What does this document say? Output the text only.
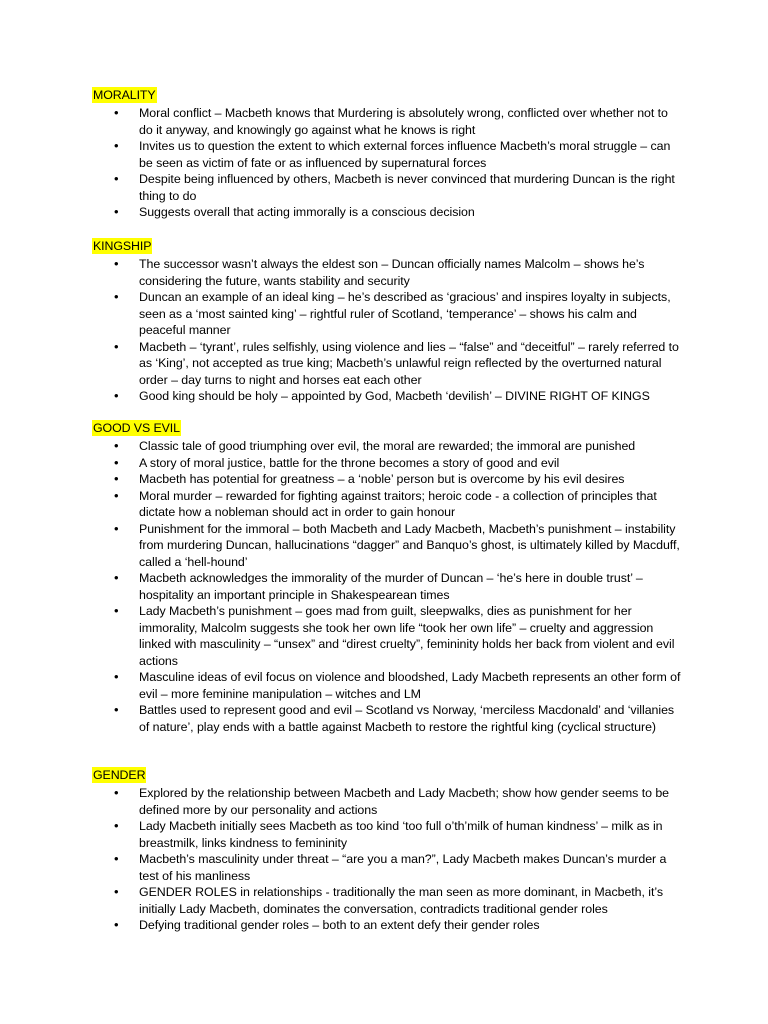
MORALITY
• Moral conflict – Macbeth knows that Murdering is absolutely wrong, conflicted over whether not to do it anyway, and knowingly go against what he knows is right
• Invites us to question the extent to which external forces influence Macbeth’s moral struggle – can be seen as victim of fate or as influenced by supernatural forces
• Despite being influenced by others, Macbeth is never convinced that murdering Duncan is the right thing to do
• Suggests overall that acting immorally is a conscious decision
KINGSHIP
• The successor wasn’t always the eldest son – Duncan officially names Malcolm – shows he’s considering the future, wants stability and security
• Duncan an example of an ideal king – he’s described as ‘gracious’ and inspires loyalty in subjects, seen as a ‘most sainted king’ – rightful ruler of Scotland, ‘temperance’ – shows his calm and peaceful manner
• Macbeth – ‘tyrant’, rules selfishly, using violence and lies – “false” and “deceitful” – rarely referred to as ‘King’, not accepted as true king; Macbeth’s unlawful reign reflected by the overturned natural order – day turns to night and horses eat each other
• Good king should be holy – appointed by God, Macbeth ‘devilish’ – DIVINE RIGHT OF KINGS
GOOD VS EVIL
• Classic tale of good triumphing over evil, the moral are rewarded; the immoral are punished
• A story of moral justice, battle for the throne becomes a story of good and evil
• Macbeth has potential for greatness – a ‘noble’ person but is overcome by his evil desires
• Moral murder – rewarded for fighting against traitors; heroic code - a collection of principles that dictate how a nobleman should act in order to gain honour
• Punishment for the immoral – both Macbeth and Lady Macbeth, Macbeth’s punishment – instability from murdering Duncan, hallucinations “dagger” and Banquo’s ghost, is ultimately killed by Macduff, called a ‘hell-hound’
• Macbeth acknowledges the immorality of the murder of Duncan – ‘he’s here in double trust’ – hospitality an important principle in Shakespearean times
• Lady Macbeth’s punishment – goes mad from guilt, sleepwalks, dies as punishment for her immorality, Malcolm suggests she took her own life “took her own life” – cruelty and aggression linked with masculinity – “unsex” and “direst cruelty”, femininity holds her back from violent and evil actions
• Masculine ideas of evil focus on violence and bloodshed, Lady Macbeth represents an other form of evil – more feminine manipulation – witches and LM
• Battles used to represent good and evil – Scotland vs Norway, ‘merciless Macdonald’ and ‘villanies of nature’, play ends with a battle against Macbeth to restore the rightful king (cyclical structure)
GENDER
• Explored by the relationship between Macbeth and Lady Macbeth; show how gender seems to be defined more by our personality and actions
• Lady Macbeth initially sees Macbeth as too kind ‘too full o’th’milk of human kindness’ – milk as in breastmilk, links kindness to femininity
• Macbeth’s masculinity under threat – “are you a man?”, Lady Macbeth makes Duncan’s murder a test of his manliness
• GENDER ROLES in relationships - traditionally the man seen as more dominant, in Macbeth, it’s initially Lady Macbeth, dominates the conversation, contradicts traditional gender roles
• Defying traditional gender roles – both to an extent defy their gender roles
